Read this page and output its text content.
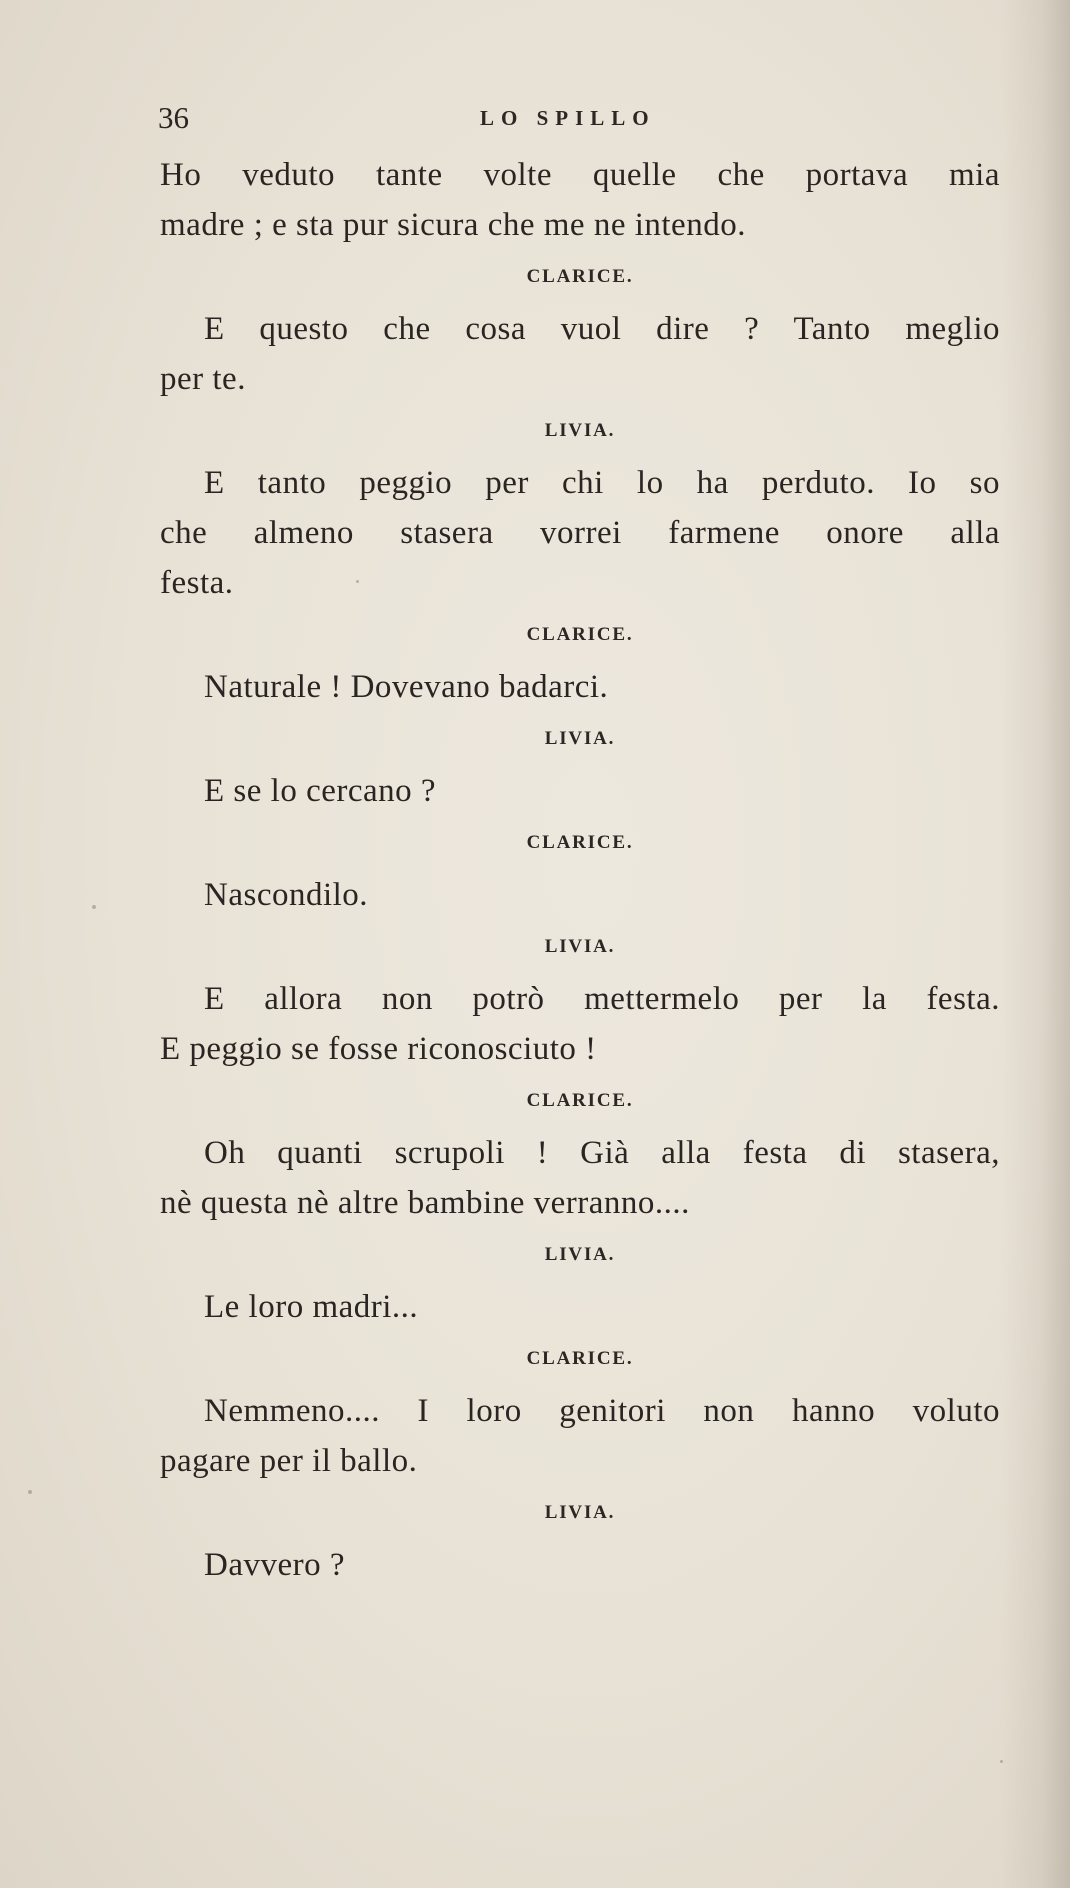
36	LO SPILLO
Ho veduto tante volte quelle che portava mia
madre ; e sta pur sicura che me ne intendo.
CLARICE.
E questo che cosa vuol dire ? Tanto meglio
per te.
LIVIA.
E tanto peggio per chi lo ha perduto. Io so
che almeno stasera vorrei farmene onore alla
festa.
CLARICE.
Naturale ! Dovevano badarci.
LIVIA.
E se lo cercano ?
CLARICE.
Nascondilo.
LIVIA.
E allora non potrò mettermelo per la festa.
E peggio se fosse riconosciuto !
CLARICE.
Oh quanti scrupoli ! Già alla festa di stasera,
nè questa nè altre bambine verranno....
LIVIA.
Le loro madri...
CLARICE.
Nemmeno.... I loro genitori non hanno voluto
pagare per il ballo.
LIVIA.
Davvero ?
